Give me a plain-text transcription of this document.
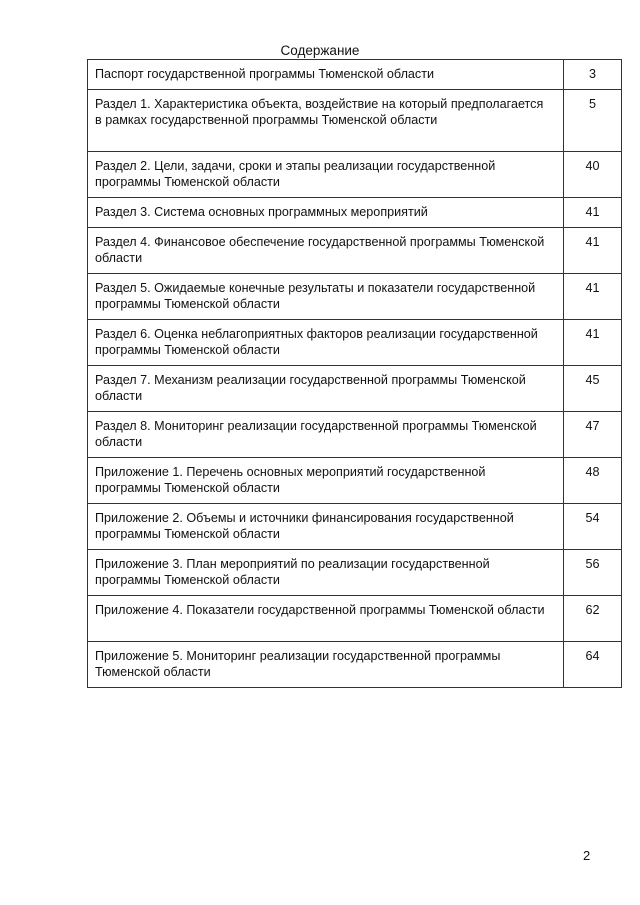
Содержание
Паспорт государственной программы Тюменской области	3
Раздел 1. Характеристика объекта, воздействие на который предполагается в рамках государственной программы Тюменской области	5
Раздел 2. Цели, задачи, сроки и этапы реализации государственной программы Тюменской области	40
Раздел 3. Система основных программных мероприятий	41
Раздел 4. Финансовое обеспечение государственной программы Тюменской области	41
Раздел 5. Ожидаемые конечные результаты и показатели государственной программы Тюменской области	41
Раздел 6. Оценка неблагоприятных факторов реализации государственной программы Тюменской области	41
Раздел 7. Механизм реализации государственной программы Тюменской области	45
Раздел 8. Мониторинг реализации государственной программы Тюменской области	47
Приложение 1. Перечень основных мероприятий государственной программы Тюменской области	48
Приложение 2. Объемы и источники финансирования государственной программы Тюменской области	54
Приложение 3. План мероприятий по реализации государственной программы Тюменской области	56
Приложение 4. Показатели государственной программы Тюменской области	62
Приложение 5. Мониторинг реализации государственной программы Тюменской области	64
2
